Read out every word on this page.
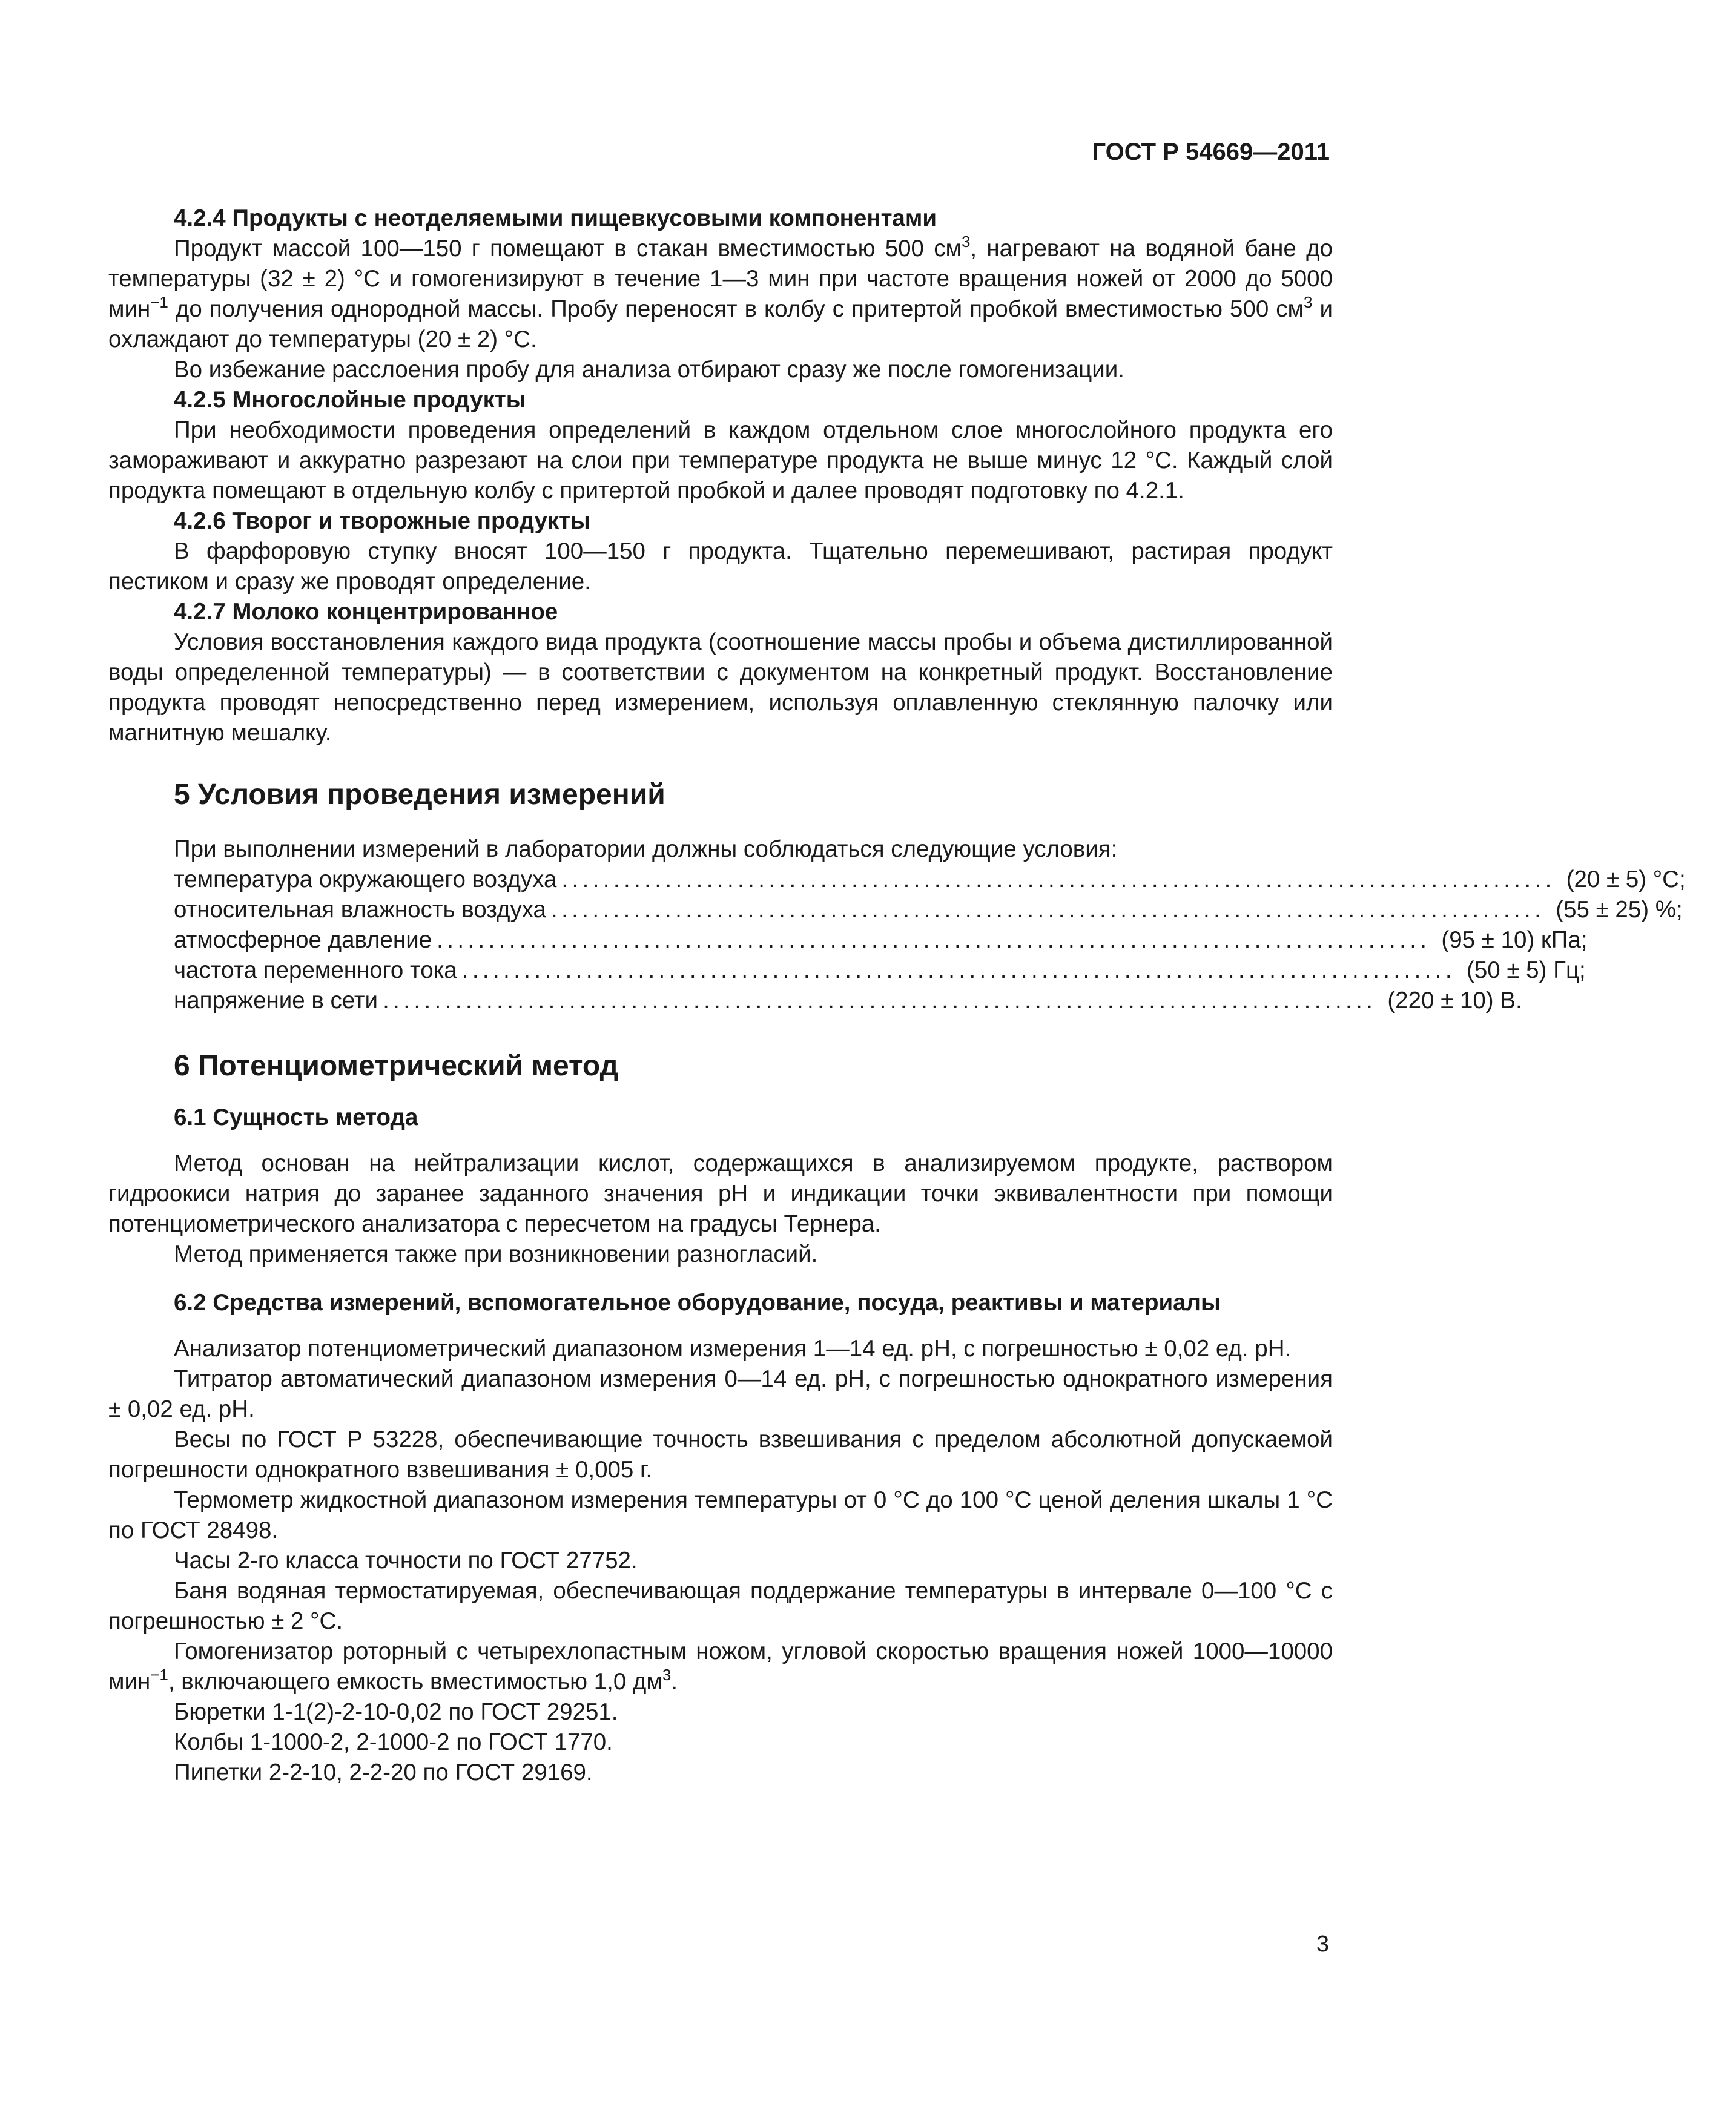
ГОСТ Р 54669—2011
4.2.4 Продукты с неотделяемыми пищевкусовыми компонентами

Продукт массой 100—150 г помещают в стакан вместимостью 500 $см^3$, нагревают на водяной бане до температуры (32 ± 2) °С и гомогенизируют в течение 1—3 мин при частоте вращения ножей от 2000 до 5000 мин$^{-1}$ до получения однородной массы. Пробу переносят в колбу с притертой пробкой вместимостью 500 $см^3$ и охлаждают до температуры (20 ± 2) °С.

Во избежание расслоения пробу для анализа отбирают сразу же после гомогенизации.

4.2.5 Многослойные продукты

При необходимости проведения определений в каждом отдельном слое многослойного продукта его замораживают и аккуратно разрезают на слои при температуре продукта не выше минус 12 °С. Каждый слой продукта помещают в отдельную колбу с притертой пробкой и далее проводят подготовку по 4.2.1.

4.2.6 Творог и творожные продукты

В фарфоровую ступку вносят 100—150 г продукта. Тщательно перемешивают, растирая продукт пестиком и сразу же проводят определение.

4.2.7 Молоко концентрированное

Условия восстановления каждого вида продукта (соотношение массы пробы и объема дистиллированной воды определенной температуры) — в соответствии с документом на конкретный продукт. Восстановление продукта проводят непосредственно перед измерением, используя оплавленную стеклянную палочку или магнитную мешалку.

5 Условия проведения измерений
При выполнении измерений в лаборатории должны соблюдаться следующие условия:
температура окружающего воздуха ................................................................................................ (20 ± 5) °С;
относительная влажность воздуха ................................................................................................ (55 ± 25) %;
атмосферное давление ................................................................................................ (95 ± 10) кПа;
частота переменного тока ................................................................................................ (50 ± 5) Гц;
напряжение в сети ................................................................................................ (220 ± 10) В.
6 Потенциометрический метод
6.1 Сущность метода

Метод основан на нейтрализации кислот, содержащихся в анализируемом продукте, раствором гидроокиси натрия до заранее заданного значения pH и индикации точки эквивалентности при помощи потенциометрического анализатора с пересчетом на градусы Тернера.

Метод применяется также при возникновении разногласий.

6.2 Средства измерений, вспомогательное оборудование, посуда, реактивы и материалы

Анализатор потенциометрический диапазоном измерения 1—14 ед. pH, с погрешностью ± 0,02 ед. pH.

Титратор автоматический диапазоном измерения 0—14 ед. pH, с погрешностью однократного измерения ± 0,02 ед. pH.

Весы по ГОСТ Р 53228, обеспечивающие точность взвешивания с пределом абсолютной допускаемой погрешности однократного взвешивания ± 0,005 г.

Термометр жидкостной диапазоном измерения температуры от 0 °С до 100 °С ценой деления шкалы 1 °С по ГОСТ 28498.

Часы 2-го класса точности по ГОСТ 27752.

Баня водяная термостатируемая, обеспечивающая поддержание температуры в интервале 0—100 °С с погрешностью ± 2 °С.

Гомогенизатор роторный с четырехлопастным ножом, угловой скоростью вращения ножей 1000—10000 мин$^{-1}$, включающего емкость вместимостью 1,0 $дм^3$.

Бюретки 1-1(2)-2-10-0,02 по ГОСТ 29251.

Колбы 1-1000-2, 2-1000-2 по ГОСТ 1770.

Пипетки 2-2-10, 2-2-20 по ГОСТ 29169.

3
